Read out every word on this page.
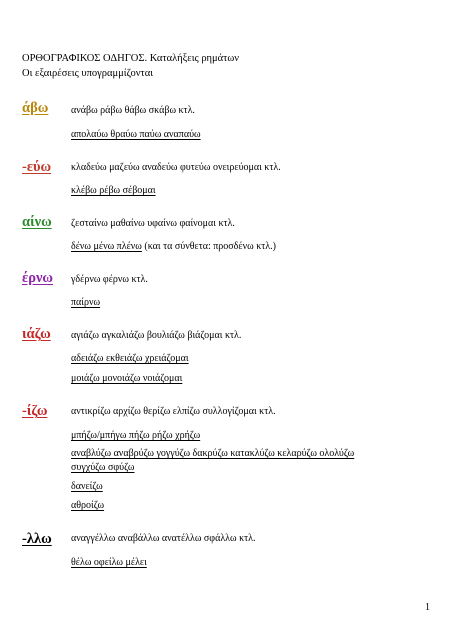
ΟΡΘΟΓΡΑΦΙΚΟΣ ΟΔΗΓΟΣ. Καταλήξεις ρημάτων
Οι εξαιρέσεις υπογραμμίζονται
άβω ανάβω ράβω θάβω σκάβω κτλ.
απολαύω θραύω παύω αναπαύω
-εύω κλαδεύω μαζεύω αναδεύω φυτεύω ονειρεύομαι κτλ.
κλέβω ρέβω σέβομαι
αίνω ζεσταίνω μαθαίνω υφαίνω φαίνομαι κτλ.
δένω μένω πλένω (και τα σύνθετα: προσδένω κτλ.)
έρνω γδέρνω φέρνω κτλ.
παίρνω
ιάζω αγιάζω αγκαλιάζω βουλιάζω βιάζομαι κτλ.
αδειάζω εκθειάζω χρειάζομαι
μοιάζω μονοιάζω νοιάζομαι
-ίζω αντικρίζω αρχίζω θερίζω ελπίζω συλλογίζομαι κτλ.
μπήζω/μπήγω πήζω ρήζω χρήζω
αναβλύζω αναβρύζω γογγύζω δακρύζω κατακλύζω κελαρύζω ολολύζω
συγχύζω σφύζω
δανείζω
αθροίζω
-λλω αναγγέλλω αναβάλλω ανατέλλω σφάλλω κτλ.
θέλω οφείλω μέλει
1
